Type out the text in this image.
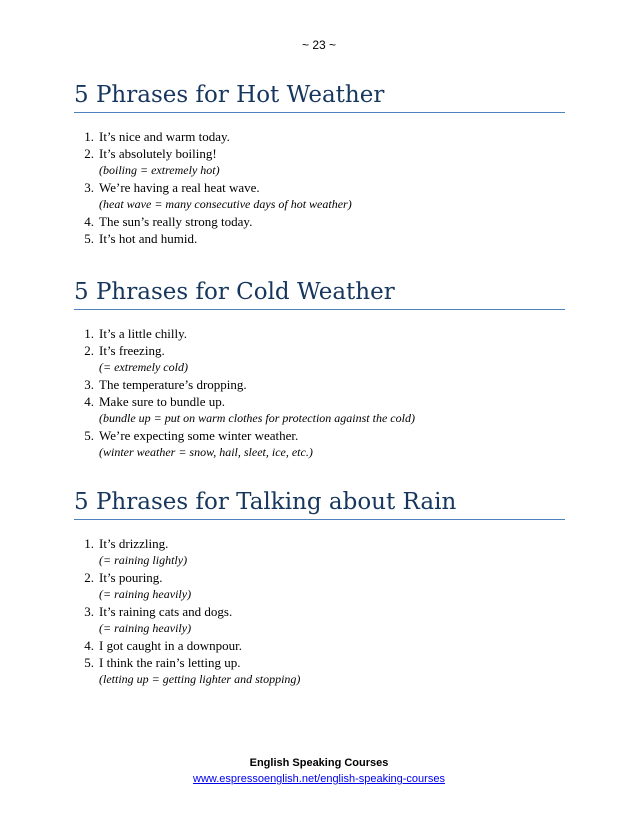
~ 23 ~
5 Phrases for Hot Weather
1. It’s nice and warm today.
2. It’s absolutely boiling!
(boiling = extremely hot)
3. We’re having a real heat wave.
(heat wave = many consecutive days of hot weather)
4. The sun’s really strong today.
5. It’s hot and humid.
5 Phrases for Cold Weather
1. It’s a little chilly.
2. It’s freezing.
(= extremely cold)
3. The temperature’s dropping.
4. Make sure to bundle up.
(bundle up = put on warm clothes for protection against the cold)
5. We’re expecting some winter weather.
(winter weather = snow, hail, sleet, ice, etc.)
5 Phrases for Talking about Rain
1. It’s drizzling.
(= raining lightly)
2. It’s pouring.
(= raining heavily)
3. It’s raining cats and dogs.
(= raining heavily)
4. I got caught in a downpour.
5. I think the rain’s letting up.
(letting up = getting lighter and stopping)
English Speaking Courses
www.espressoenglish.net/english-speaking-courses
